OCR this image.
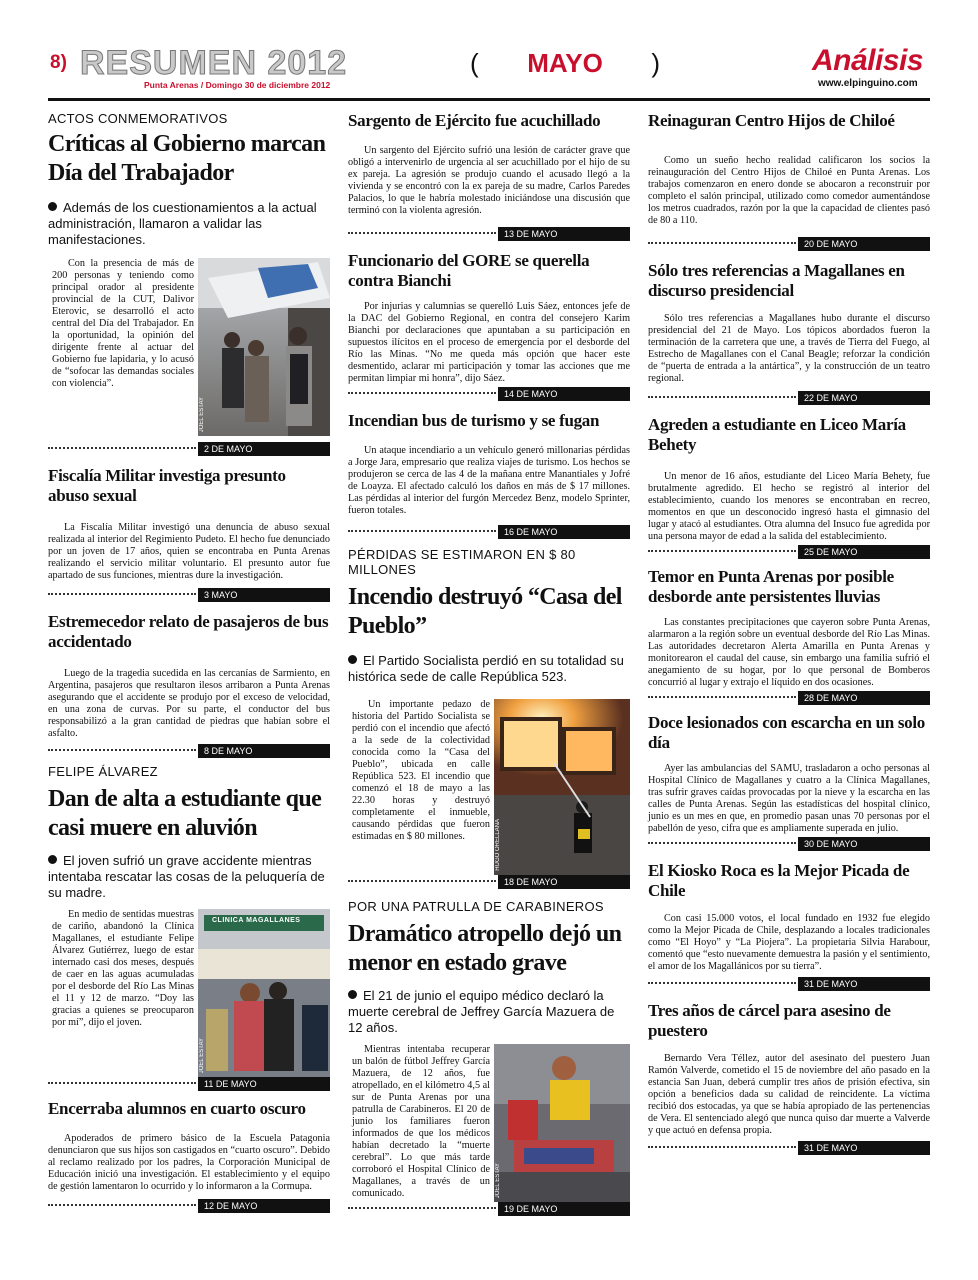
8) RESUMEN 2012
Punta Arenas / Domingo 30 de diciembre 2012
( MAYO )	Análisis
www.elpinguino.com
ACTOS CONMEMORATIVOS
Críticas al Gobierno marcan Día del Trabajador
Además de los cuestionamientos a la actual administración, llamaron a validar las manifestaciones.
Con la presencia de más de 200 personas y teniendo como principal orador al presidente provincial de la CUT, Dalivor Eterovic, se desarrolló el acto central del Día del Trabajador. En la oportunidad, la opinión del dirigente frente al actuar del Gobierno fue lapidaria, y lo acusó de “sofocar las demandas sociales con violencia”.
JOEL ESTAY
2 DE MAYO
Fiscalía Militar investiga presunto abuso sexual
La Fiscalía Militar investigó una denuncia de abuso sexual realizada al interior del Regimiento Pudeto. El hecho fue denunciado por un joven de 17 años, quien se encontraba en Punta Arenas realizando el servicio militar voluntario. El presunto autor fue apartado de sus funciones, mientras dure la investigación.
3 MAYO
Estremecedor relato de pasajeros de bus accidentado
Luego de la tragedia sucedida en las cercanías de Sarmiento, en Argentina, pasajeros que resultaron ilesos arribaron a Punta Arenas asegurando que el accidente se produjo por el exceso de velocidad, en una zona de curvas. Por su parte, el conductor del bus responsabilizó a la gran cantidad de piedras que habían sobre el asfalto.
8 DE MAYO
FELIPE ÁLVAREZ
Dan de alta a estudiante que casi muere en aluvión
El joven sufrió un grave accidente mientras intentaba rescatar las cosas de la peluquería de su madre.
En medio de sentidas muestras de cariño, abandonó la Clínica Magallanes, el estudiante Felipe Álvarez Gutiérrez, luego de estar internado casi dos meses, después de caer en las aguas acumuladas por el desborde del Río Las Minas el 11 y 12 de marzo. “Doy las gracias a quienes se preocuparon por mí”, dijo el joven.
CLINICA MAGALLANES
JOEL ESTAY
11 DE MAYO
Encerraba alumnos en cuarto oscuro
Apoderados de primero básico de la Escuela Patagonia denunciaron que sus hijos son castigados en “cuarto oscuro”. Debido al reclamo realizado por los padres, la Corporación Municipal de Educación inició una investigación. El establecimiento y el equipo de gestión lamentaron lo ocurrido y lo informaron a la Cormupa.
12 DE MAYO
Sargento de Ejército fue acuchillado
Un sargento del Ejército sufrió una lesión de carácter grave que obligó a intervenirlo de urgencia al ser acuchillado por el hijo de su ex pareja. La agresión se produjo cuando el acusado llegó a la vivienda y se encontró con la ex pareja de su madre, Carlos Paredes Palacios, lo que le habría molestado iniciándose una discusión que terminó con la violenta agresión.
13 DE MAYO
Funcionario del GORE se querella contra Bianchi
Por injurias y calumnias se querelló Luis Sáez, entonces jefe de la DAC del Gobierno Regional, en contra del consejero Karim Bianchi por declaraciones que apuntaban a su participación en supuestos ilícitos en el proceso de emergencia por el desborde del Río las Minas. “No me queda más opción que hacer este desmentido, aclarar mi participación y tomar las acciones que me permitan limpiar mi honra”, dijo Sáez.
14 DE MAYO
Incendian bus de turismo y se fugan
Un ataque incendiario a un vehículo generó millonarias pérdidas a Jorge Jara, empresario que realiza viajes de turismo. Los hechos se produjeron se cerca de las 4 de la mañana entre Manantiales y Jofré de Loayza. El afectado calculó los daños en más de $ 17 millones. Las pérdidas al interior del furgón Mercedez Benz, modelo Sprinter, fueron totales.
16 DE MAYO
PÉRDIDAS SE ESTIMARON EN $ 80 MILLONES
Incendio destruyó “Casa del Pueblo”
El Partido Socialista perdió en su totalidad su histórica sede de calle República 523.
Un importante pedazo de historia del Partido Socialista se perdió con el incendio que afectó a la sede de la colectividad conocida como la “Casa del Pueblo”, ubicada en calle República 523. El incendio que comenzó el 18 de mayo a las 22.30 horas y destruyó completamente el inmueble, causando pérdidas que fueron estimadas en $ 80 millones.	HUGO ORELLANA
18 DE MAYO
POR UNA PATRULLA DE CARABINEROS
Dramático atropello dejó un menor en estado grave
El 21 de junio el equipo médico declaró la muerte cerebral de Jeffrey García Mazuera de 12 años.
Mientras intentaba recuperar un balón de fútbol Jeffrey García Mazuera, de 12 años, fue atropellado, en el kilómetro 4,5 al sur de Punta Arenas por una patrulla de Carabineros. El 20 de junio los familiares fueron informados de que los médicos habían decretado la “muerte cerebral”. Lo que más tarde corroboró el Hospital Clínico de Magallanes, a través de un comunicado.	JOEL ESTAY
19 DE MAYO
Reinaguran Centro Hijos de Chiloé
Como un sueño hecho realidad calificaron los socios la reinauguración del Centro Hijos de Chiloé en Punta Arenas. Los trabajos comenzaron en enero donde se abocaron a reconstruir por completo el salón principal, utilizado como comedor aumentándose los metros cuadrados, razón por la que la capacidad de clientes pasó de 80 a 110.
20 DE MAYO
Sólo tres referencias a Magallanes en discurso presidencial
Sólo tres referencias a Magallanes hubo durante el discurso presidencial del 21 de Mayo. Los tópicos abordados fueron la terminación de la carretera que une, a través de Tierra del Fuego, al Estrecho de Magallanes con el Canal Beagle; reforzar la condición de “puerta de entrada a la antártica”, y la construcción de un teatro regional.
22 DE MAYO
Agreden a estudiante en Liceo María Behety
Un menor de 16 años, estudiante del Liceo María Behety, fue brutalmente agredido. El hecho se registró al interior del establecimiento, cuando los menores se encontraban en recreo, momentos en que un desconocido ingresó hasta el gimnasio del lugar y atacó al estudiantes. Otra alumna del Insuco fue agredida por una persona mayor de edad a la salida del establecimiento.
25 DE MAYO
Temor en Punta Arenas por posible desborde ante persistentes lluvias
Las constantes precipitaciones que cayeron sobre Punta Arenas, alarmaron a la región sobre un eventual desborde del Río Las Minas. Las autoridades decretaron Alerta Amarilla en Punta Arenas y monitorearon el caudal del cause, sin embargo una familia sufrió el anegamiento de su hogar, por lo que personal de Bomberos concurrió al lugar y extrajo el líquido en dos ocasiones.
28 DE MAYO
Doce lesionados con escarcha en un solo día
Ayer las ambulancias del SAMU, trasladaron a ocho personas al Hospital Clínico de Magallanes y cuatro a la Clínica Magallanes, tras sufrir graves caídas provocadas por la nieve y la escarcha en las calles de Punta Arenas. Según las estadísticas del hospital clínico, junio es un mes en que, en promedio pasan unas 70 personas por el pabellón de yeso, cifra que es ampliamente superada en julio.
30 DE MAYO
El Kiosko Roca es la Mejor Picada de Chile
Con casi 15.000 votos, el local fundado en 1932 fue elegido como la Mejor Picada de Chile, desplazando a locales tradicionales como “El Hoyo” y “La Piojera”. La propietaria Silvia Harabour, comentó que “esto nuevamente demuestra la pasión y el sentimiento, el amor de los Magallánicos por su tierra”.
31 DE MAYO
Tres años de cárcel para asesino de puestero
Bernardo Vera Téllez, autor del asesinato del puestero Juan Ramón Valverde, cometido el 15 de noviembre del año pasado en la estancia San Juan, deberá cumplir tres años de prisión efectiva, sin opción a beneficios dada su calidad de reincidente. La víctima recibió dos estocadas, ya que se había apropiado de las pertenencias de Vera. El sentenciado alegó que nunca quiso dar muerte a Valverde y que actuó en defensa propia.
31 DE MAYO
